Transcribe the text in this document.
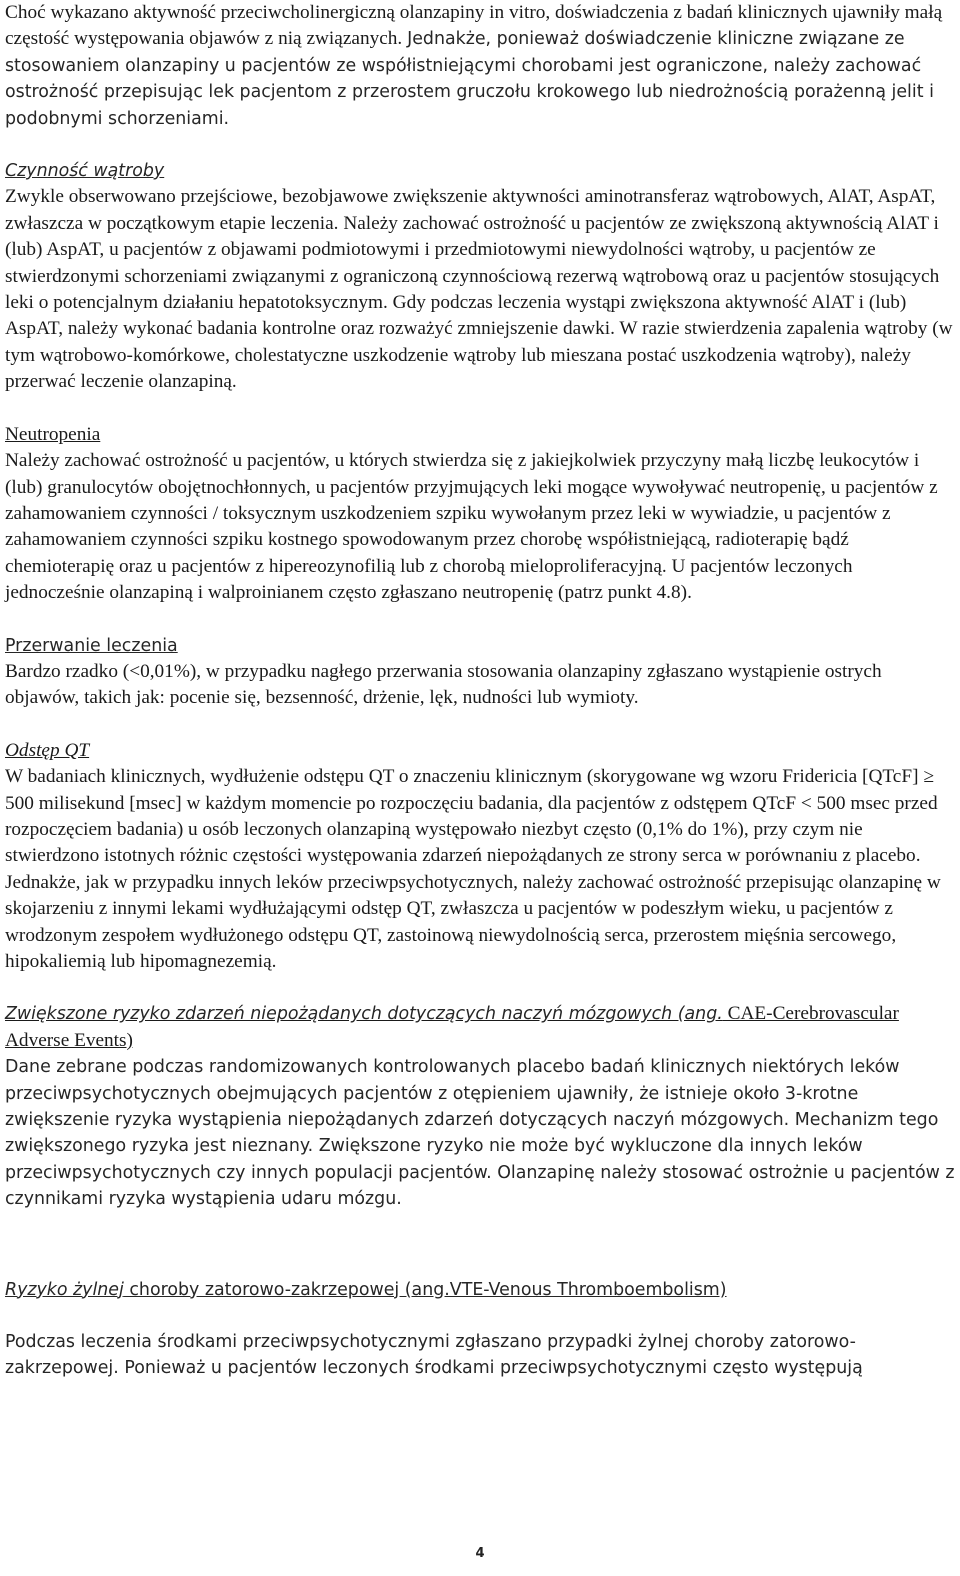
Choć wykazano aktywność przeciwcholinergiczną olanzapiny in vitro, doświadczenia z badań klinicznych ujawniły małą częstość występowania objawów z nią związanych. Jednakże, ponieważ doświadczenie kliniczne związane ze stosowaniem olanzapiny u pacjentów ze współistniejącymi chorobami jest ograniczone, należy zachować ostrożność przepisując lek pacjentom z przerostem gruczołu krokowego lub niedrożnością porażenną jelit i podobnymi schorzeniami.

Czynność wątroby

Zwykle obserwowano przejściowe, bezobjawowe zwiększenie aktywności aminotransferaz wątrobowych, AlAT, AspAT, zwłaszcza w początkowym etapie leczenia. Należy zachować ostrożność u pacjentów ze zwiększoną aktywnością AlAT i (lub) AspAT, u pacjentów z objawami podmiotowymi i przedmiotowymi niewydolności wątroby, u pacjentów ze stwierdzonymi schorzeniami związanymi z ograniczoną czynnościową rezerwą wątrobową oraz u pacjentów stosujących leki o potencjalnym działaniu hepatotoksycznym. Gdy podczas leczenia wystąpi zwiększona aktywność AlAT i (lub) AspAT, należy wykonać badania kontrolne oraz rozważyć zmniejszenie dawki. W razie stwierdzenia zapalenia wątroby (w tym wątrobowo-komórkowe, cholestatyczne uszkodzenie wątroby lub mieszana postać uszkodzenia wątroby), należy przerwać leczenie olanzapiną.

Neutropenia

Należy zachować ostrożność u pacjentów, u których stwierdza się z jakiejkolwiek przyczyny małą liczbę leukocytów i (lub) granulocytów obojętnochłonnych, u pacjentów przyjmujących leki mogące wywoływać neutropenię, u pacjentów z zahamowaniem czynności / toksycznym uszkodzeniem szpiku wywołanym przez leki w wywiadzie, u pacjentów z zahamowaniem czynności szpiku kostnego spowodowanym przez chorobę współistniejącą, radioterapię bądź chemioterapię oraz u pacjentów z hipereozynofilią lub z chorobą mieloproliferacyjną. U pacjentów leczonych jednocześnie olanzapiną i walproinianem często zgłaszano neutropenię (patrz punkt 4.8).

Przerwanie leczenia

Bardzo rzadko (<0,01%), w przypadku nagłego przerwania stosowania olanzapiny zgłaszano wystąpienie ostrych objawów, takich jak: pocenie się, bezsenność, drżenie, lęk, nudności lub wymioty.

Odstęp QT

W badaniach klinicznych, wydłużenie odstępu QT o znaczeniu klinicznym (skorygowane wg wzoru Fridericia [QTcF] ≥ 500 milisekund [msec] w każdym momencie po rozpoczęciu badania, dla pacjentów z odstępem QTcF < 500 msec przed rozpoczęciem badania) u osób leczonych olanzapiną występowało niezbyt często (0,1% do 1%), przy czym nie stwierdzono istotnych różnic częstości występowania zdarzeń niepożądanych ze strony serca w porównaniu z placebo. Jednakże, jak w przypadku innych leków przeciwpsychotycznych, należy zachować ostrożność przepisując olanzapinę w skojarzeniu z innymi lekami wydłużającymi odstęp QT, zwłaszcza u pacjentów w podeszłym wieku, u pacjentów z wrodzonym zespołem wydłużonego odstępu QT, zastoinową niewydolnością serca, przerostem mięśnia sercowego, hipokaliemią lub hipomagnezemią.

Zwiększone ryzyko zdarzeń niepożądanych dotyczących naczyń mózgowych (ang. CAE-Cerebrovascular Adverse Events)

Dane zebrane podczas randomizowanych kontrolowanych placebo badań klinicznych niektórych leków przeciwpsychotycznych obejmujących pacjentów z otępieniem ujawniły, że istnieje około 3-krotne zwiększenie ryzyka wystąpienia niepożądanych zdarzeń dotyczących naczyń mózgowych. Mechanizm tego zwiększonego ryzyka jest nieznany. Zwiększone ryzyko nie może być wykluczone dla innych leków przeciwpsychotycznych czy innych populacji pacjentów. Olanzapinę należy stosować ostrożnie u pacjentów z czynnikami ryzyka wystąpienia udaru mózgu.

Ryzyko żylnej choroby zatorowo-zakrzepowej (ang.VTE-Venous Thromboembolism)

Podczas leczenia środkami przeciwpsychotycznymi zgłaszano przypadki żylnej choroby zatorowo-zakrzepowej. Ponieważ u pacjentów leczonych środkami przeciwpsychotycznymi często występują

4
